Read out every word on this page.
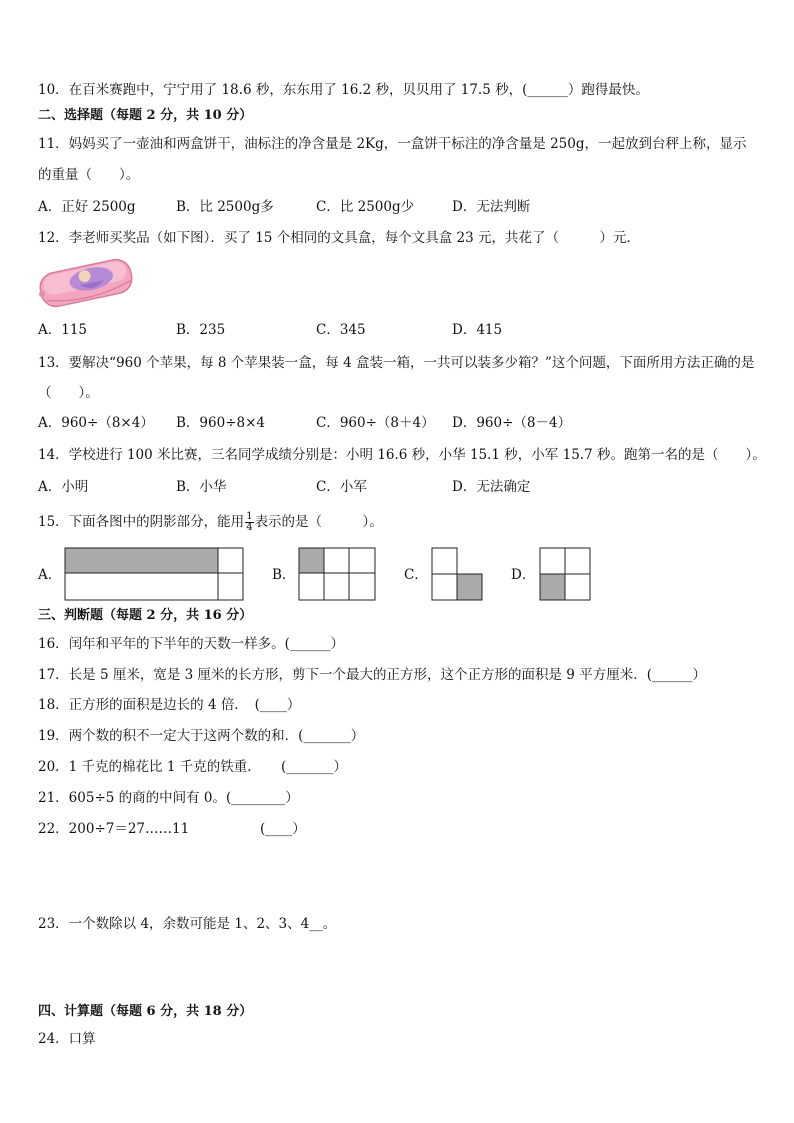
10．在百米赛跑中，宁宁用了 18.6 秒，东东用了 16.2 秒，贝贝用了 17.5 秒，(______）跑得最快。
二、选择题（每题 2 分，共 10 分）
11．妈妈买了一壶油和两盒饼干，油标注的净含量是 2Kg，一盒饼干标注的净含量是 250g，一起放到台秤上称，显示
的重量（　　）。
A．正好 2500g	B．比 2500g多	C．比 2500g少	D．无法判断
12．李老师买奖品（如下图）．买了 15 个相同的文具盒，每个文具盒 23 元，共花了（　　　）元．
A．115	B．235	C．345	D．415
13．要解决“960 个苹果，每 8 个苹果装一盒，每 4 盒装一箱，一共可以装多少箱？”这个问题，下面所用方法正确的是
（　　）。
A．960÷（8×4） B．960÷8×4	C．960÷（8＋4） D．960÷（8－4）
14．学校进行 100 米比赛，三名同学成绩分别是：小明 16.6 秒，小华 15.1 秒，小军 15.7 秒。跑第一名的是（　　）。
A．小明	B．小华	C．小军	D．无法确定
15．下面各图中的阴影部分，能用 $\frac{1}{4}$ 表示的是（　　　）。
A．	B．	C．	D．
三、判断题（每题 2 分，共 16 分）
16．闰年和平年的下半年的天数一样多。(______）
17．长是 5 厘米，宽是 3 厘米的长方形，剪下一个最大的正方形，这个正方形的面积是 9 平方厘米．(______）
18．正方形的面积是边长的 4 倍．　(____）
19．两个数的积不一定大于这两个数的和．(_______）
20．1 千克的棉花比 1 千克的铁重．　　(_______）
21．605÷5 的商的中间有 0。(________）
22．200÷7＝27……11	(____）
23．一个数除以 4，余数可能是 1、2、3、4__。
四、计算题（每题 6 分，共 18 分）
24．口算
